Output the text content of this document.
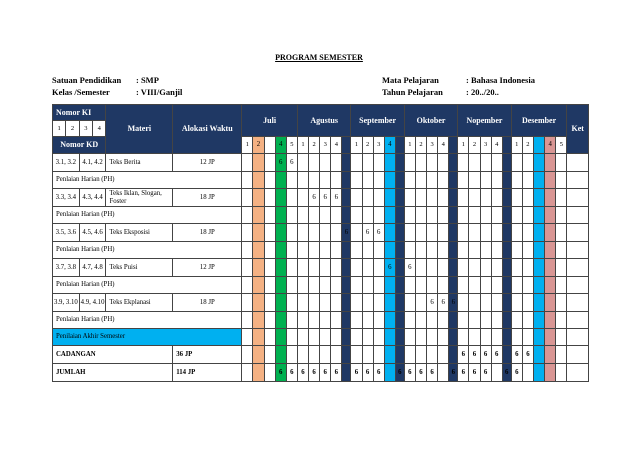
PROGRAM SEMESTER
Satuan Pendidikan : SMP
Kelas /Semester	: VIII/Ganjil
Mata Pelajaran	: Bahasa Indonesia
Tahun Pelajaran	: 20../20..
Nomor KI				Materi	Alokasi Waktu	Juli					Agustus					September					Oktober					Nopember					Desember					Ket
1	2	3	4																																	
Nomor KD						1	2		4	5	1	2	3	4		1	2	3	4		1	2	3	4		1	2	3	4		1	2		4	5	
3.1, 3.2		4.1, 4.2		Teks Berita	12 JP				6	6																										
Penlaian Harian (PH)																																				
3.3, 3.4		4.3, 4.4		Teks Iklan, Slogan, Foster	18 JP							6	6	6																						
Penlaian Harian (PH)																																				
3.5, 3.6		4.5, 4.6		Teks Eksposisi	18 JP										6		6	6																		
Penlaian Harian (PH)																																				
3.7, 3.8		4.7, 4.8		Teks Puisi	12 JP														6		6															
Penlaian Harian (PH)																																				
3.9, 3.10		4.9, 4.10		Teks Ekplanasi	18 JP																		6	6	6											
Penlaian Harian (PH)																																				
Penilaian Akhir Semester																																				
CADANGAN					36 JP																					6	6	6	6		6	6				
JUMLAH					114 JP				6	6	6	6	6	6		6	6	6		6	6	6	6		6	6	6	6		6	6					
